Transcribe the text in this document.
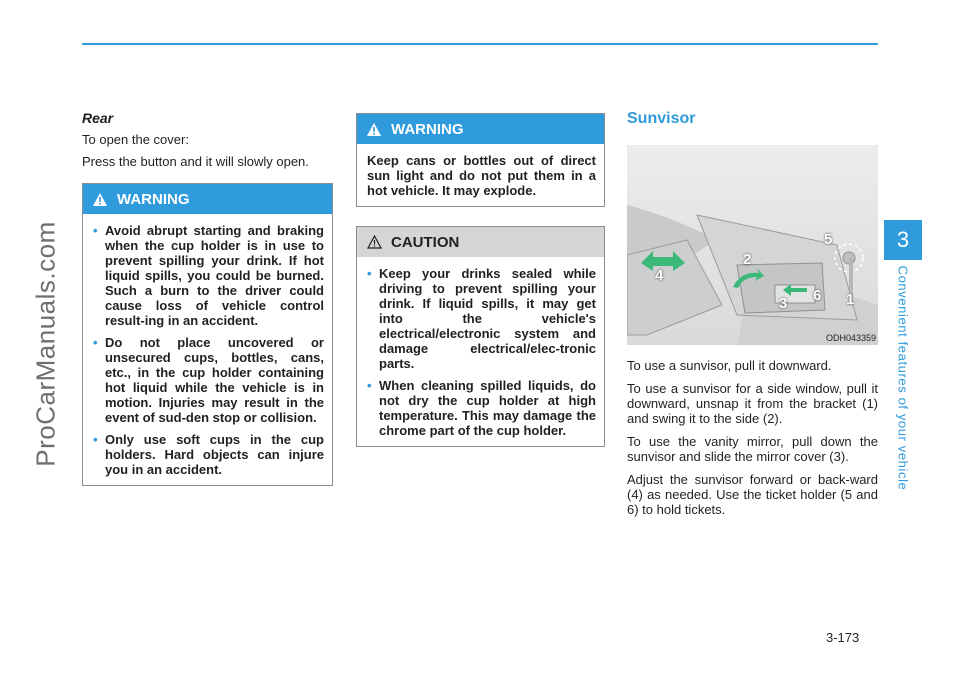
ProCarManuals.com	3
Convenient features of your vehicle
3-173
Rear

To open the cover:

Press the button and it will slowly open.

WARNING
• Avoid abrupt starting and braking when the cup holder is in use to prevent spilling your drink. If hot liquid spills, you could be burned. Such a burn to the driver could cause loss of vehicle control result-ing in an accident.
• Do not place uncovered or unsecured cups, bottles, cans, etc., in the cup holder containing hot liquid while the vehicle is in motion. Injuries may result in the event of sud-den stop or collision.
• Only use soft cups in the cup holders. Hard objects can injure you in an accident.
WARNING

Keep cans or bottles out of direct sun light and do not put them in a hot vehicle. It may explode.

CAUTION
• Keep your drinks sealed while driving to prevent spilling your drink. If liquid spills, it may get into the vehicle's electrical/electronic system and damage electrical/elec-tronic parts.
• When cleaning spilled liquids, do not dry the cup holder at high temperature. This may damage the chrome part of the cup holder.
Sunvisor
1
2
3
4
5
6
ODH043359

To use a sunvisor, pull it downward.

To use a sunvisor for a side window, pull it downward, unsnap it from the bracket (1) and swing it to the side (2).

To use the vanity mirror, pull down the sunvisor and slide the mirror cover (3).

Adjust the sunvisor forward or back-ward (4) as needed. Use the ticket holder (5 and 6) to hold tickets.
